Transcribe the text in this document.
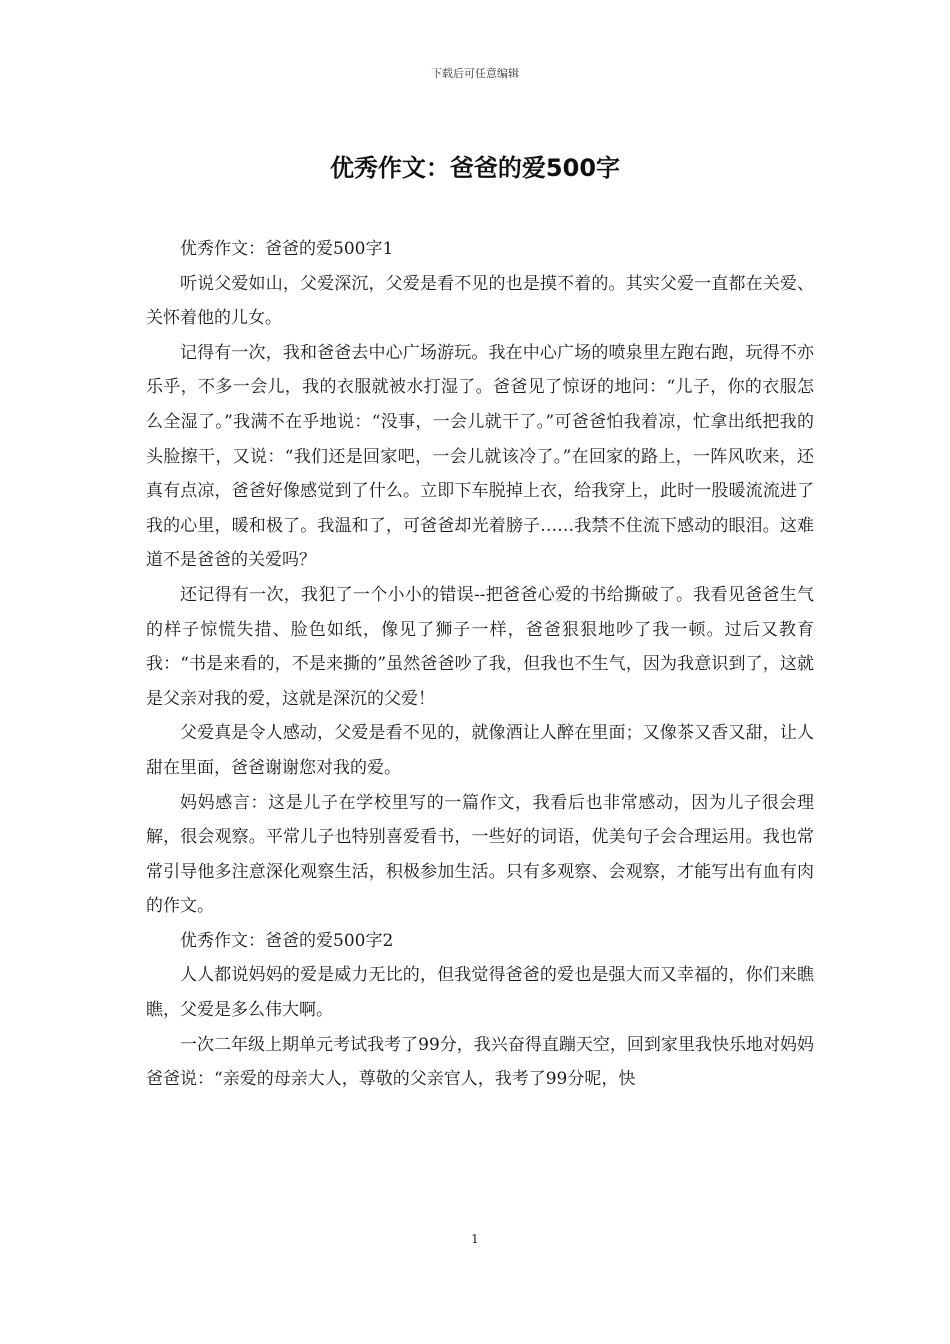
下载后可任意编辑
优秀作文：爸爸的爱500字

优秀作文：爸爸的爱500字1

听说父爱如山，父爱深沉，父爱是看不见的也是摸不着的。其实父爱一直都在关爱、关怀着他的儿女。

记得有一次，我和爸爸去中心广场游玩。我在中心广场的喷泉里左跑右跑，玩得不亦乐乎，不多一会儿，我的衣服就被水打湿了。爸爸见了惊讶的地问：“儿子，你的衣服怎么全湿了。”我满不在乎地说：“没事，一会儿就干了。”可爸爸怕我着凉，忙拿出纸把我的头脸擦干，又说：“我们还是回家吧，一会儿就该冷了。”在回家的路上，一阵风吹来，还真有点凉，爸爸好像感觉到了什么。立即下车脱掉上衣，给我穿上，此时一股暖流流进了我的心里，暖和极了。我温和了，可爸爸却光着膀子……我禁不住流下感动的眼泪。这难道不是爸爸的关爱吗？

还记得有一次，我犯了一个小小的错误--把爸爸心爱的书给撕破了。我看见爸爸生气的样子惊慌失措、脸色如纸，像见了狮子一样，爸爸狠狠地吵了我一顿。过后又教育我：“书是来看的，不是来撕的”虽然爸爸吵了我，但我也不生气，因为我意识到了，这就是父亲对我的爱，这就是深沉的父爱！

父爱真是令人感动，父爱是看不见的，就像酒让人醉在里面；又像茶又香又甜，让人甜在里面，爸爸谢谢您对我的爱。

妈妈感言：这是儿子在学校里写的一篇作文，我看后也非常感动，因为儿子很会理解，很会观察。平常儿子也特别喜爱看书，一些好的词语，优美句子会合理运用。我也常常引导他多注意深化观察生活，积极参加生活。只有多观察、会观察，才能写出有血有肉的作文。

优秀作文：爸爸的爱500字2

人人都说妈妈的爱是威力无比的，但我觉得爸爸的爱也是强大而又幸福的，你们来瞧瞧，父爱是多么伟大啊。

一次二年级上期单元考试我考了99分，我兴奋得直蹦天空，回到家里我快乐地对妈妈爸爸说：“亲爱的母亲大人，尊敬的父亲官人，我考了99分呢，快

1
